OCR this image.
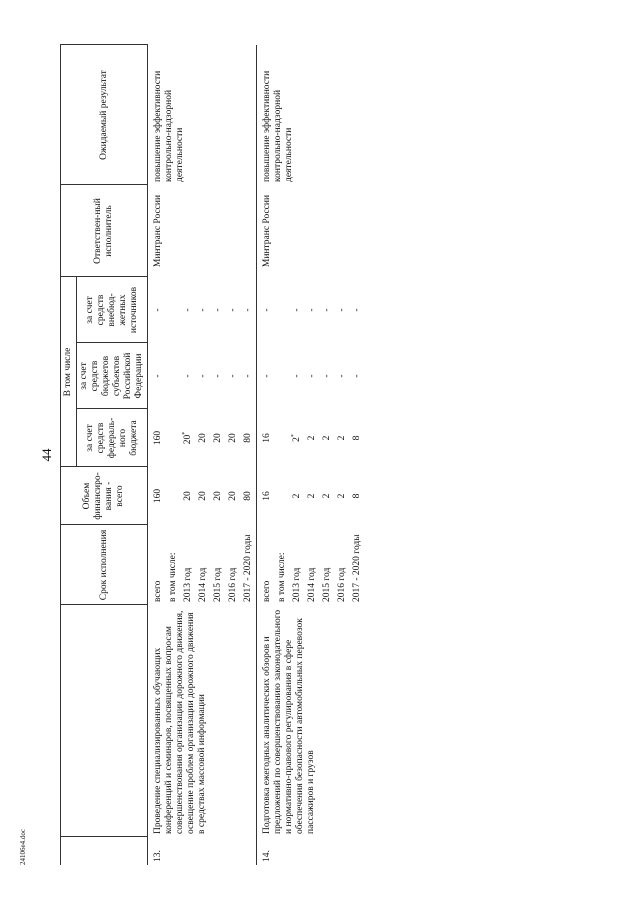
44
24106e4.doc
		Срок исполнения	Объем финансиро-вания - всего	В том числе			Ответствен-ный исполнитель	Ожидаемый результат
				за счет средств федераль-ного бюджета	за счет средств бюджетов субъектов Российской Федерации	за счет средств внебюд-жетных источников		
13.	Проведение специализированных обучающих конференций и семинаров, посвященных вопросам совершенствования организации дорожного движения, освещение проблем организации дорожного движения в средствах массовой информации	всего	160	160	-	-	Минтранс России	повышение эффективности контрольно-надзорной деятельности
		в том числе:						
		2013 год	20	20*	-	-		
		2014 год	20	20	-	-		
		2015 год	20	20	-	-		
		2016 год	20	20	-	-		
		2017 - 2020 годы	80	80	-	-		
14.	Подготовка ежегодных аналитических обзоров и предложений по совершенствованию законодательного и нормативно-правового регулирования в сфере обеспечения безопасности автомобильных перевозок пассажиров и грузов	всего	16	16	-	-	Минтранс России	повышение эффективности контрольно-надзорной деятельности
		в том числе:						
		2013 год	2	2*	-	-		
		2014 год	2	2	-	-		
		2015 год	2	2	-	-		
		2016 год	2	2	-	-		
		2017 - 2020 годы	8	8	-	-		
